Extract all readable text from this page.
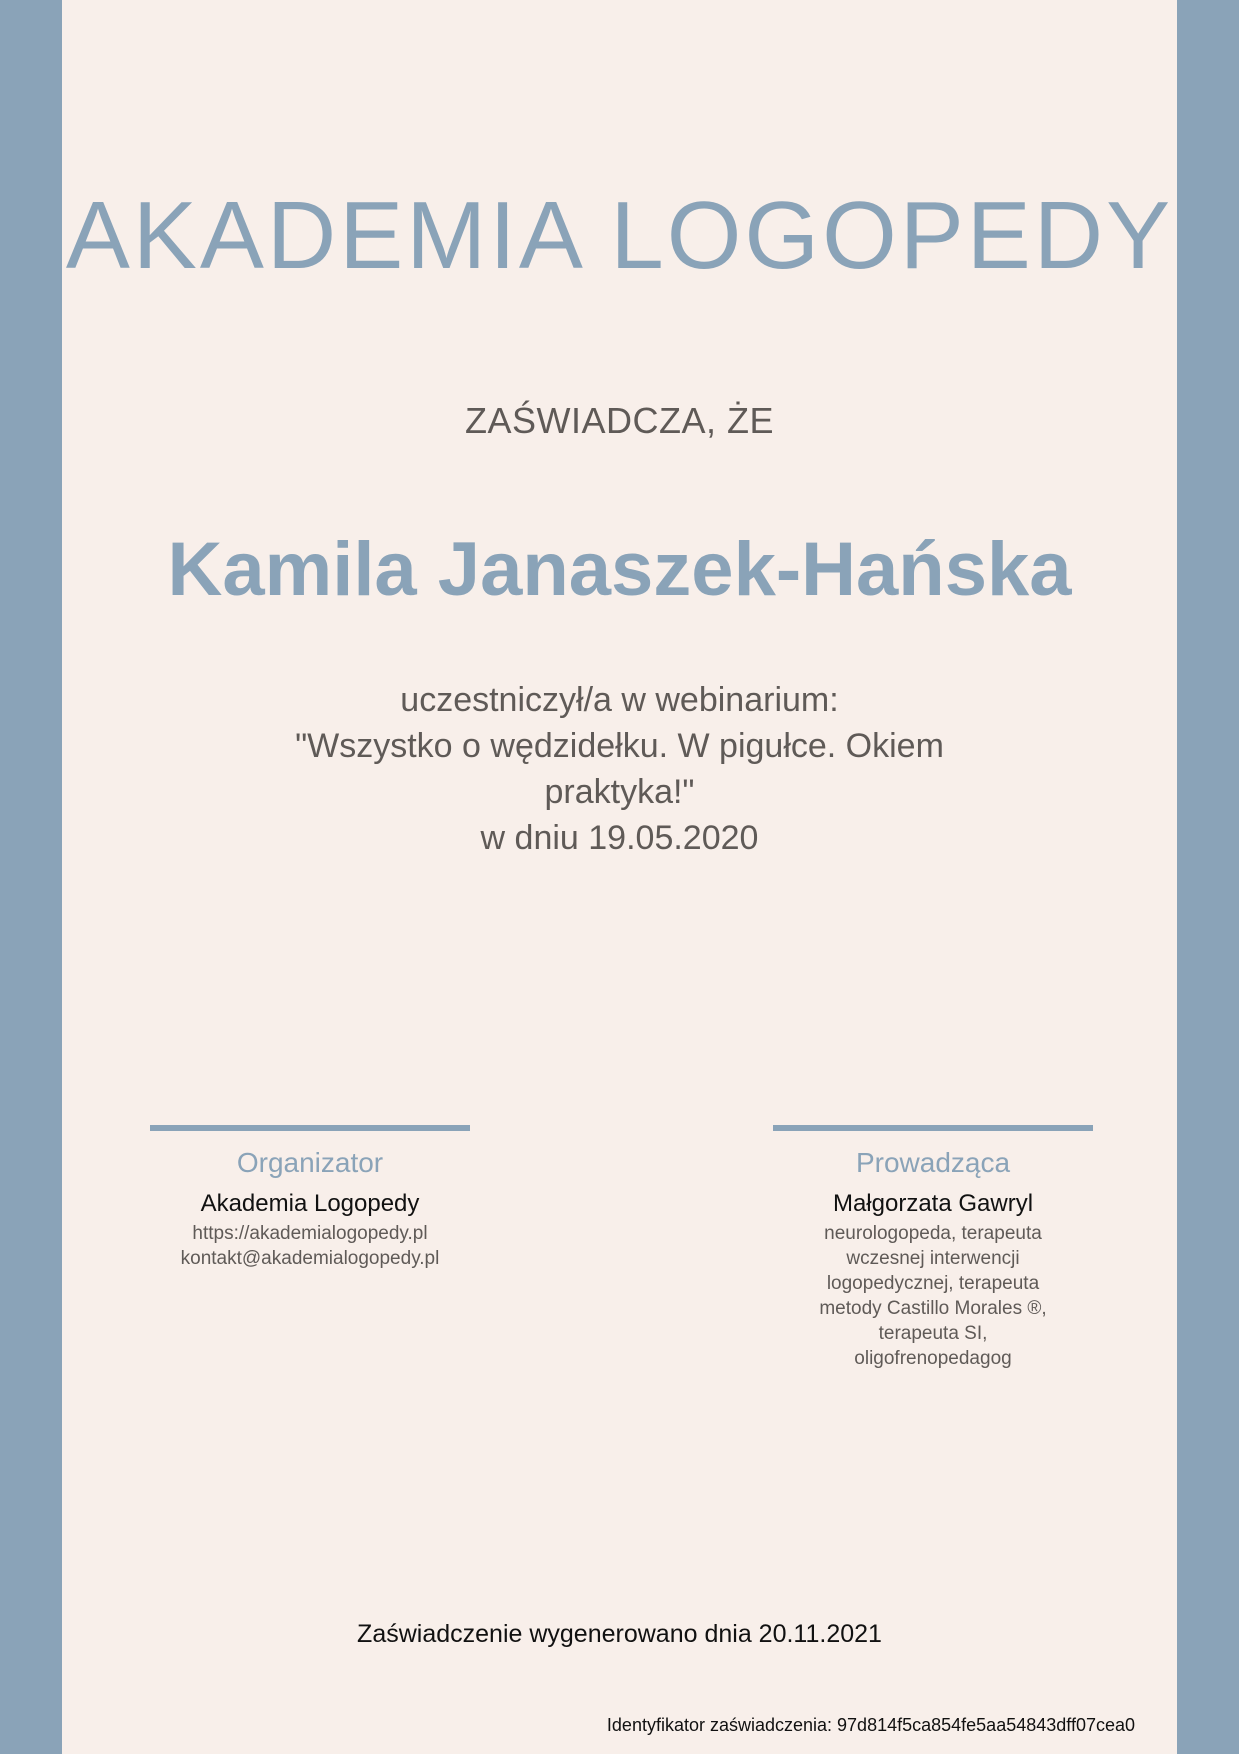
AKADEMIA LOGOPEDY
ZAŚWIADCZA, ŻE
Kamila Janaszek-Hańska
uczestniczył/a w webinarium:
"Wszystko o wędzidełku. W pigułce. Okiem
praktyka!"
w dniu 19.05.2020
Organizator
Akademia Logopedy
https://akademialogopedy.pl
kontakt@akademialogopedy.pl
Prowadząca
Małgorzata Gawryl
neurologopeda, terapeuta wczesnej interwencji logopedycznej, terapeuta metody Castillo Morales ®, terapeuta SI, oligofrenopedagog
Zaświadczenie wygenerowano dnia 20.11.2021
Identyfikator zaświadczenia: 97d814f5ca854fe5aa54843dff07cea0
